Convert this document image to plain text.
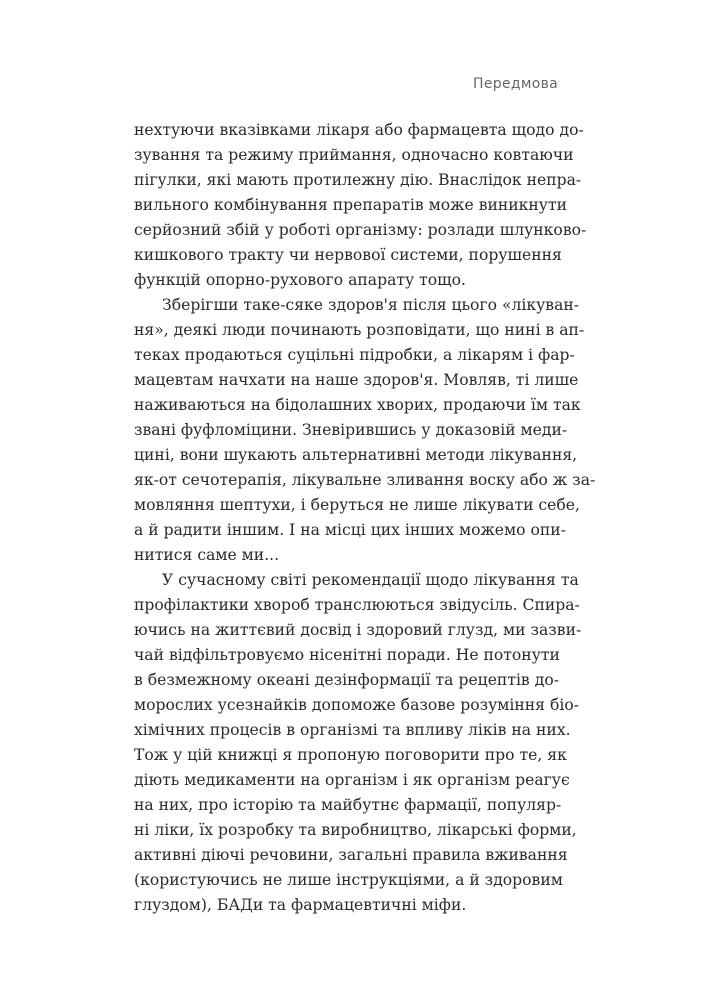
Передмова
нехтуючи вказівками лікаря або фармацевта щодо до-
зування та режиму приймання, одночасно ковтаючи
пігулки, які мають протилежну дію. Внаслідок непра-
вильного комбінування препаратів може виникнути
серйозний збій у роботі організму: розлади шлунково-
кишкового тракту чи нервової системи, порушення
функцій опорно-рухового апарату тощо.
Зберігши таке-сяке здоров'я після цього «лікуван-
ня», деякі люди починають розповідати, що нині в ап-
теках продаються суцільні підробки, а лікарям і фар-
мацевтам начхати на наше здоров'я. Мовляв, ті лише
наживаються на бідолашних хворих, продаючи їм так
звані фуфломіцини. Зневірившись у доказовій меди-
цині, вони шукають альтернативні методи лікування,
як-от сечотерапія, лікувальне зливання воску або ж за-
мовляння шептухи, і беруться не лише лікувати себе,
а й радити іншим. І на місці цих інших можемо опи-
нитися саме ми...
У сучасному світі рекомендації щодо лікування та
профілактики хвороб транслюються звідусіль. Спира-
ючись на життєвий досвід і здоровий глузд, ми зазви-
чай відфільтровуємо нісенітні поради. Не потонути
в безмежному океані дезінформації та рецептів до-
морослих усезнайків допоможе базове розуміння біо-
хімічних процесів в організмі та впливу ліків на них.
Тож у цій книжці я пропоную поговорити про те, як
діють медикаменти на організм і як організм реагує
на них, про історію та майбутнє фармації, популяр-
ні ліки, їх розробку та виробництво, лікарські форми,
активні діючі речовини, загальні правила вживання
(користуючись не лише інструкціями, а й здоровим
глуздом), БАДи та фармацевтичні міфи.
